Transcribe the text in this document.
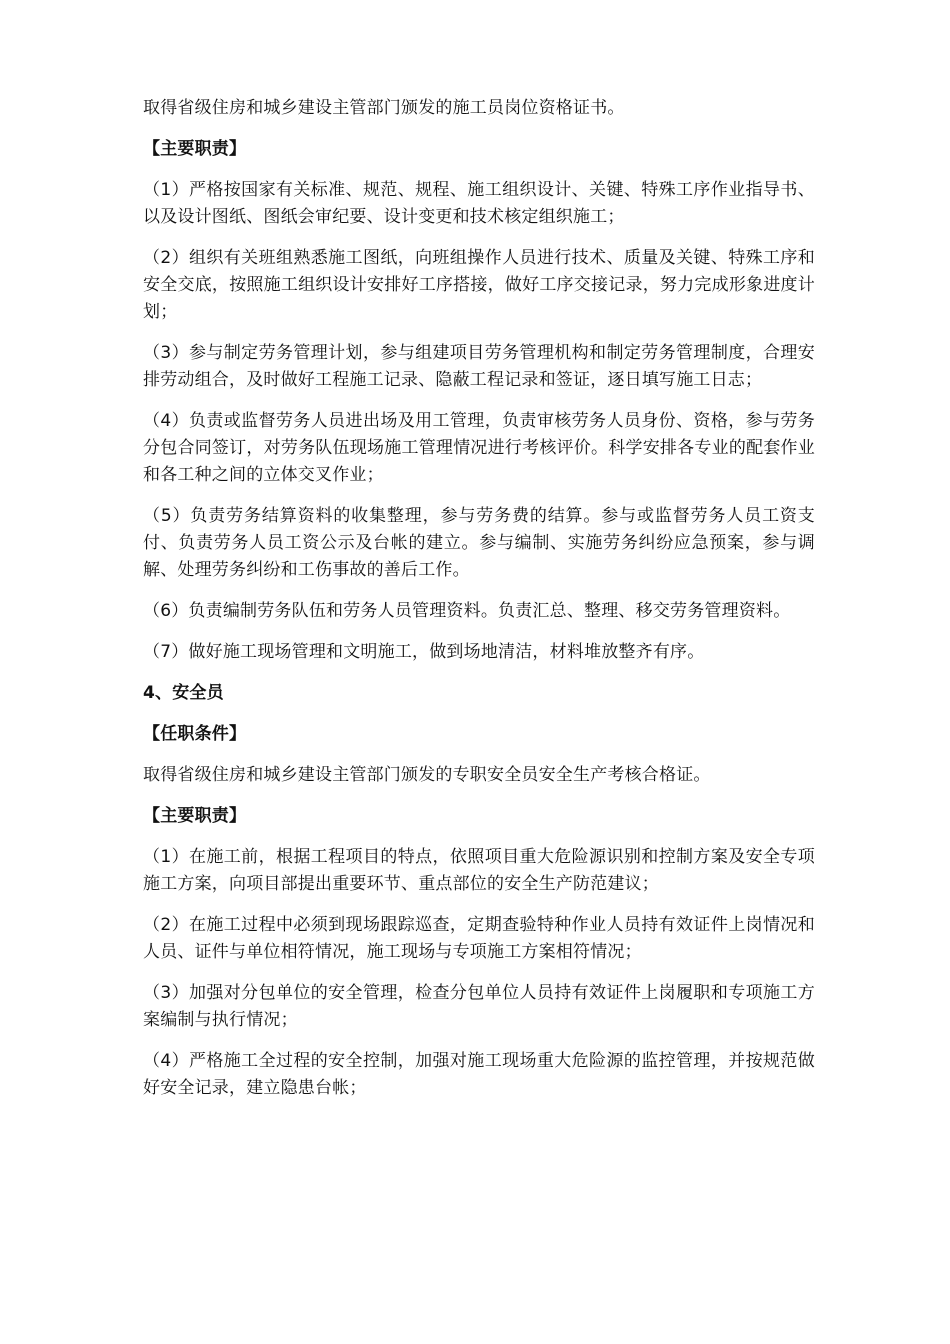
取得省级住房和城乡建设主管部门颁发的施工员岗位资格证书。

【主要职责】

（1）严格按国家有关标准、规范、规程、施工组织设计、关键、特殊工序作业指导书、以及设计图纸、图纸会审纪要、设计变更和技术核定组织施工；

（2）组织有关班组熟悉施工图纸，向班组操作人员进行技术、质量及关键、特殊工序和安全交底，按照施工组织设计安排好工序搭接，做好工序交接记录，努力完成形象进度计划；

（3）参与制定劳务管理计划，参与组建项目劳务管理机构和制定劳务管理制度，合理安排劳动组合，及时做好工程施工记录、隐蔽工程记录和签证，逐日填写施工日志；

（4）负责或监督劳务人员进出场及用工管理，负责审核劳务人员身份、资格，参与劳务分包合同签订，对劳务队伍现场施工管理情况进行考核评价。科学安排各专业的配套作业和各工种之间的立体交叉作业；

（5）负责劳务结算资料的收集整理，参与劳务费的结算。参与或监督劳务人员工资支付、负责劳务人员工资公示及台帐的建立。参与编制、实施劳务纠纷应急预案，参与调解、处理劳务纠纷和工伤事故的善后工作。

（6）负责编制劳务队伍和劳务人员管理资料。负责汇总、整理、移交劳务管理资料。

（7）做好施工现场管理和文明施工，做到场地清洁，材料堆放整齐有序。

4、安全员

【任职条件】

取得省级住房和城乡建设主管部门颁发的专职安全员安全生产考核合格证。

【主要职责】

（1）在施工前，根据工程项目的特点，依照项目重大危险源识别和控制方案及安全专项施工方案，向项目部提出重要环节、重点部位的安全生产防范建议；

（2）在施工过程中必须到现场跟踪巡查，定期查验特种作业人员持有效证件上岗情况和人员、证件与单位相符情况，施工现场与专项施工方案相符情况；

（3）加强对分包单位的安全管理，检查分包单位人员持有效证件上岗履职和专项施工方案编制与执行情况；

（4）严格施工全过程的安全控制，加强对施工现场重大危险源的监控管理，并按规范做好安全记录，建立隐患台帐；
